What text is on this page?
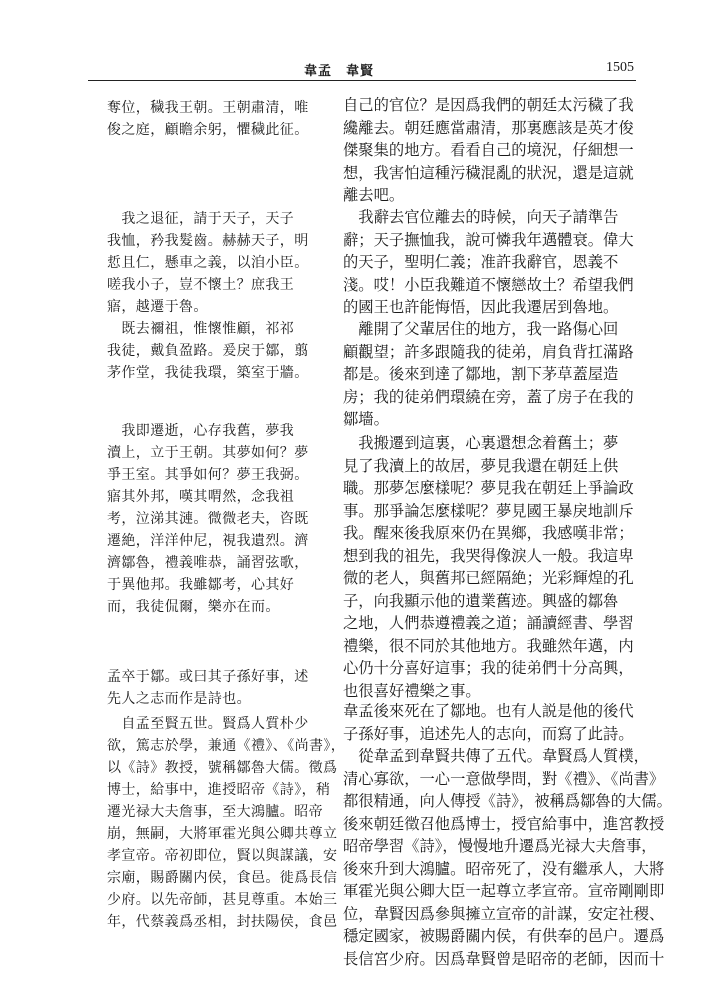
韋孟　韋賢	1505
奪位，穢我王朝。王朝肅清，唯
俊之庭，顧瞻余躬，懼穢此征。
　我之退征，請于天子，天子
我恤，矜我髮齒。赫赫天子，明
悊且仁，懸車之義，以洎小臣。
嗟我小子，豈不懷土？庶我王
寤，越遷于魯。
　既去禰祖，惟懷惟顧，祁祁
我徒，戴負盈路。爰戾于鄒，翦
茅作堂，我徒我環，築室于牆。
　我即遷逝，心存我舊，夢我
瀆上，立于王朝。其夢如何？夢
爭王室。其爭如何？夢王我弼。
寤其外邦，嘆其喟然，念我祖
考，泣涕其漣。微微老夫，咨既
遷絶，洋洋仲尼，視我遺烈。濟
濟鄒魯，禮義唯恭，誦習弦歌，
于異他邦。我雖鄒考，心其好
而，我徒侃爾，樂亦在而。
孟卒于鄒。或曰其子孫好事，述
先人之志而作是詩也。
　自孟至賢五世。賢爲人質朴少
欲，篤志於學，兼通《禮》、《尚書》，
以《詩》教授，號稱鄒魯大儒。徵爲
博士，給事中，進授昭帝《詩》，稍
遷光禄大夫詹事，至大鴻臚。昭帝
崩，無嗣，大將軍霍光與公卿共尊立
孝宣帝。帝初即位，賢以與謀議，安
宗廟，賜爵關内侯，食邑。徙爲長信
少府。以先帝師，甚見尊重。本始三
年，代蔡義爲丞相，封扶陽侯，食邑
自己的官位？是因爲我們的朝廷太污穢了我
纔離去。朝廷應當肅清，那裏應該是英才俊
傑聚集的地方。看看自己的境況，仔細想一
想，我害怕這種污穢混亂的狀況，還是這就
離去吧。
　我辭去官位離去的時候，向天子請準告
辭；天子撫恤我，說可憐我年邁體衰。偉大
的天子，聖明仁義；准許我辭官，恩義不
淺。哎！小臣我難道不懷戀故土？希望我們
的國王也許能悔悟，因此我遷居到魯地。
　離開了父輩居住的地方，我一路傷心回
顧觀望；許多跟隨我的徒弟，肩負背扛滿路
都是。後來到達了鄒地，割下茅草蓋屋造
房；我的徒弟們環繞在旁，蓋了房子在我的
鄒墻。
　我搬遷到這裏，心裏還想念着舊土；夢
見了我瀆上的故居，夢見我還在朝廷上供
職。那夢怎麼樣呢？夢見我在朝廷上爭論政
事。那爭論怎麼樣呢？夢見國王暴戾地訓斥
我。醒來後我原來仍在異鄉，我感嘆非常；
想到我的祖先，我哭得像淚人一般。我這卑
微的老人，與舊邦已經隔絶；光彩輝煌的孔
子，向我顯示他的遺業舊迹。興盛的鄒魯
之地，人們恭遵禮義之道；誦讀經書、學習
禮樂，很不同於其他地方。我雖然年邁，内
心仍十分喜好這事；我的徒弟們十分高興，
也很喜好禮樂之事。
韋孟後來死在了鄒地。也有人説是他的後代
子孫好事，追述先人的志向，而寫了此詩。
　從韋孟到韋賢共傳了五代。韋賢爲人質樸，
清心寡欲，一心一意做學問，對《禮》、《尚書》
都很精通，向人傳授《詩》，被稱爲鄒魯的大儒。
後來朝廷徵召他爲博士，授官給事中，進宮教授
昭帝學習《詩》，慢慢地升遷爲光禄大夫詹事，
後來升到大鴻臚。昭帝死了，没有繼承人，大將
軍霍光與公卿大臣一起尊立孝宣帝。宣帝剛剛即
位，韋賢因爲參與擁立宣帝的計謀，安定社稷、
穩定國家，被賜爵關内侯，有供奉的邑户。遷爲
長信宮少府。因爲韋賢曾是昭帝的老師，因而十
